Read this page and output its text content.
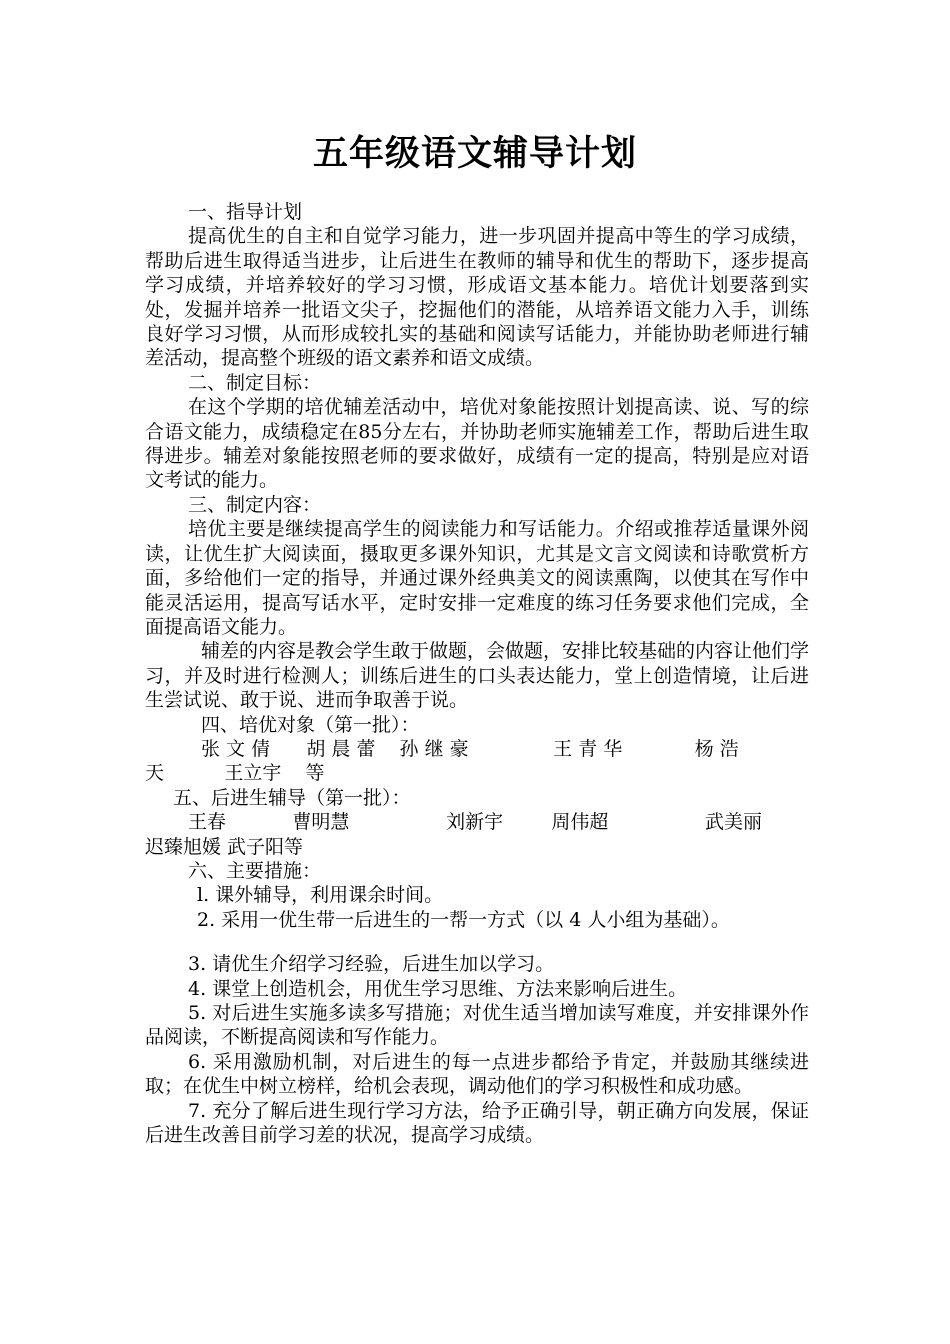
五年级语文辅导计划

一、指导计划

提高优生的自主和自觉学习能力，进一步巩固并提高中等生的学习成绩，帮助后进生取得适当进步，让后进生在教师的辅导和优生的帮助下，逐步提高学习成绩，并培养较好的学习习惯，形成语文基本能力。培优计划要落到实处，发掘并培养一批语文尖子，挖掘他们的潜能，从培养语文能力入手，训练良好学习习惯，从而形成较扎实的基础和阅读写话能力，并能协助老师进行辅差活动，提高整个班级的语文素养和语文成绩。

二、制定目标：

在这个学期的培优辅差活动中，培优对象能按照计划提高读、说、写的综合语文能力，成绩稳定在85分左右，并协助老师实施辅差工作，帮助后进生取得进步。辅差对象能按照老师的要求做好，成绩有一定的提高，特别是应对语文考试的能力。

三、制定内容：

培优主要是继续提高学生的阅读能力和写话能力。介绍或推荐适量课外阅读，让优生扩大阅读面，摄取更多课外知识，尤其是文言文阅读和诗歌赏析方面，多给他们一定的指导，并通过课外经典美文的阅读熏陶，以使其在写作中能灵活运用，提高写话水平，定时安排一定难度的练习任务要求他们完成，全面提高语文能力。

辅差的内容是教会学生敢于做题，会做题，安排比较基础的内容让他们学习，并及时进行检测人；训练后进生的口头表达能力，堂上创造情境，让后进生尝试说、敢于说、进而争取善于说。

四、培优对象（第一批）：

张 文 倩      胡 晨 蕾    孙 继 豪              王 青 华            杨 浩

天          王立宇    等

五、后进生辅导（第一批）：

王春           曹明慧                刘新宇        周伟超                武美丽

迟臻旭媛 武子阳等

六、主要措施：

l. 课外辅导，利用课余时间。

2. 采用一优生带一后进生的一帮一方式（以 4 人小组为基础）。

3. 请优生介绍学习经验，后进生加以学习。

4. 课堂上创造机会，用优生学习思维、方法来影响后进生。

5. 对后进生实施多读多写措施；对优生适当增加读写难度，并安排课外作品阅读，不断提高阅读和写作能力。

6. 采用激励机制，对后进生的每一点进步都给予肯定，并鼓励其继续进取；在优生中树立榜样，给机会表现，调动他们的学习积极性和成功感。

7. 充分了解后进生现行学习方法，给予正确引导，朝正确方向发展，保证后进生改善目前学习差的状况，提高学习成绩。
